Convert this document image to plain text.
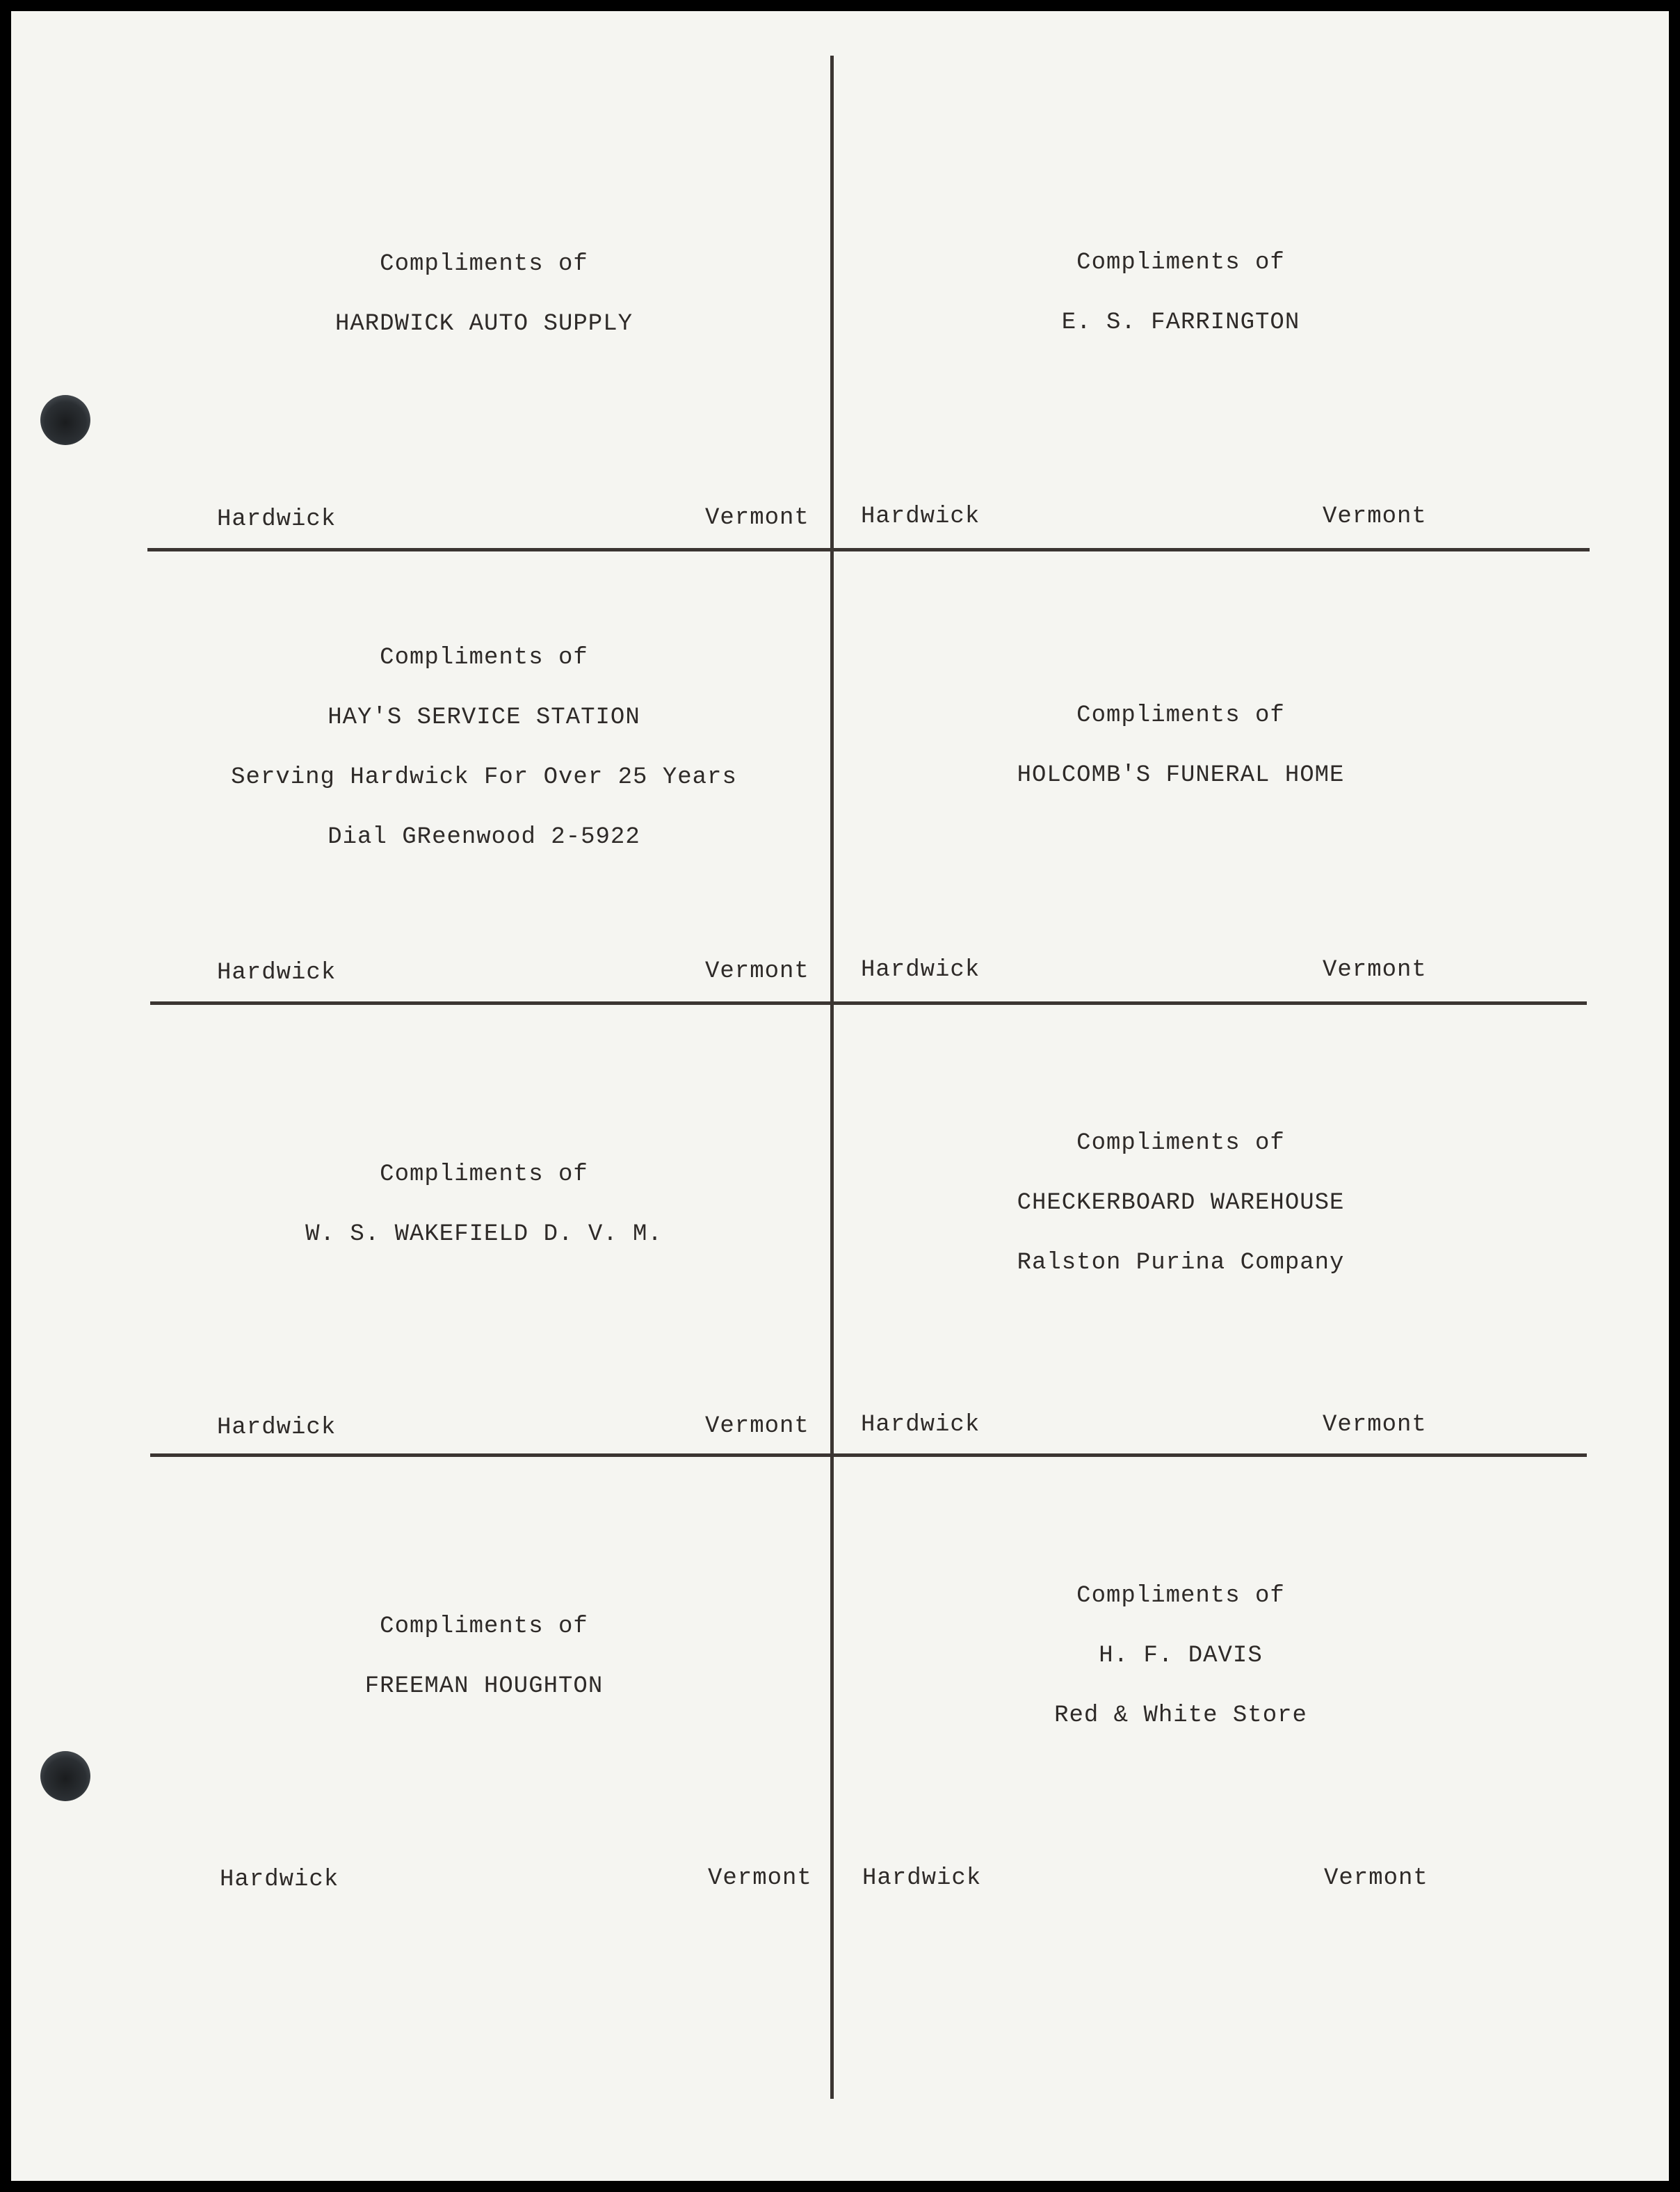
Compliments of
HARDWICK AUTO SUPPLY
Hardwick	Vermont
Compliments of
E. S. FARRINGTON
Hardwick	Vermont
Compliments of
HAY'S SERVICE STATION
Serving Hardwick For Over 25 Years
Dial GReenwood 2-5922
Hardwick	Vermont
Compliments of
HOLCOMB'S FUNERAL HOME
Hardwick	Vermont
Compliments of
W. S. WAKEFIELD D. V. M.
Hardwick	Vermont
Compliments of
CHECKERBOARD WAREHOUSE
Ralston Purina Company
Hardwick	Vermont
Compliments of
FREEMAN HOUGHTON
Hardwick	Vermont
Compliments of
H. F. DAVIS
Red & White Store
Hardwick	Vermont
